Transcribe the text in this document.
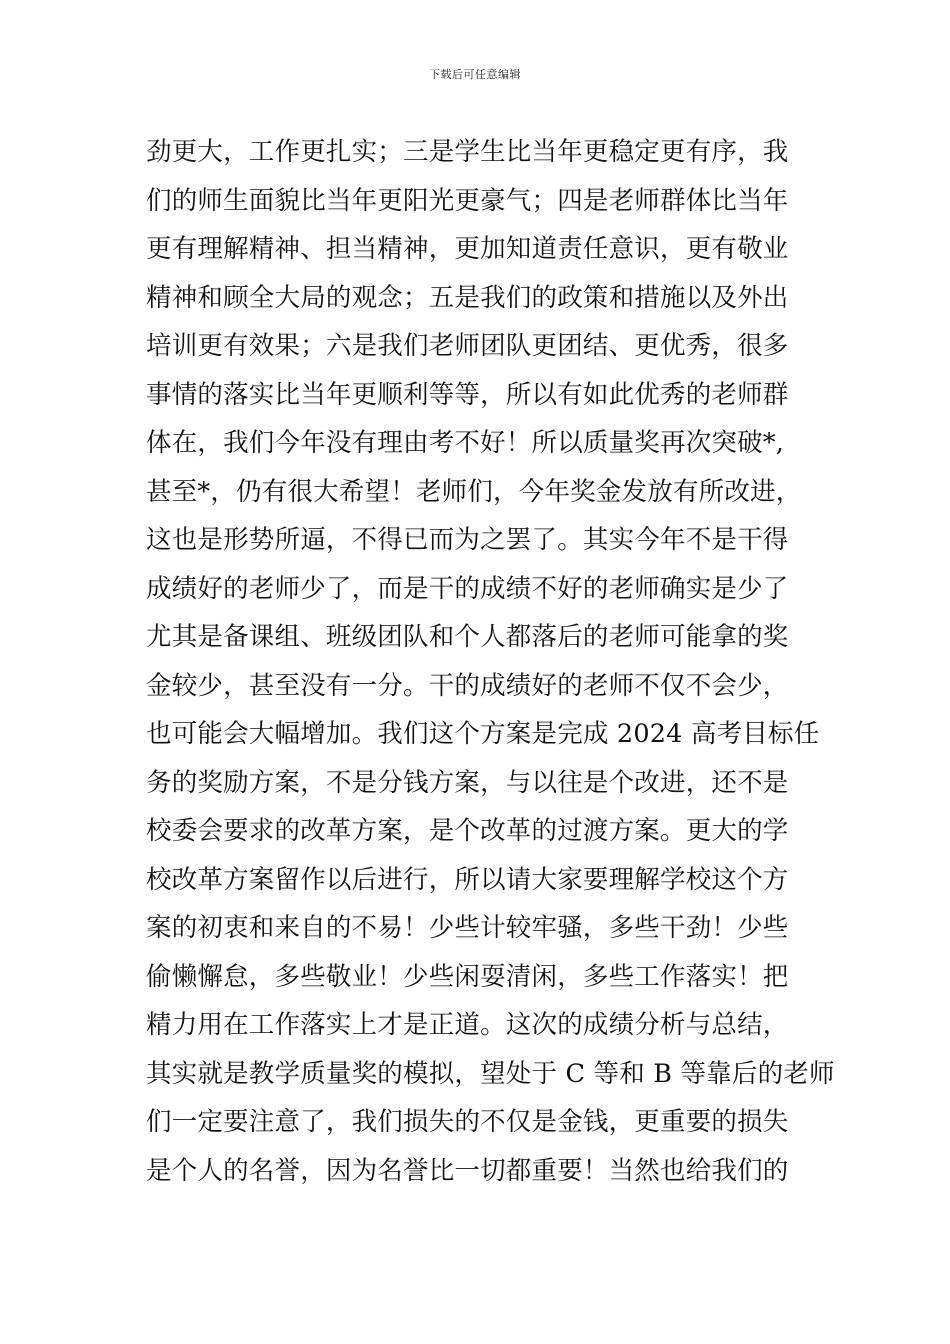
下载后可任意编辑
劲更大，工作更扎实；三是学生比当年更稳定更有序，我
们的师生面貌比当年更阳光更豪气；四是老师群体比当年
更有理解精神、担当精神，更加知道责任意识，更有敬业
精神和顾全大局的观念；五是我们的政策和措施以及外出
培训更有效果；六是我们老师团队更团结、更优秀，很多
事情的落实比当年更顺利等等，所以有如此优秀的老师群
体在，我们今年没有理由考不好！所以质量奖再次突破*,
甚至*，仍有很大希望！老师们，今年奖金发放有所改进，
这也是形势所逼，不得已而为之罢了。其实今年不是干得
成绩好的老师少了，而是干的成绩不好的老师确实是少了
尤其是备课组、班级团队和个人都落后的老师可能拿的奖
金较少，甚至没有一分。干的成绩好的老师不仅不会少，
也可能会大幅增加。我们这个方案是完成 2024 高考目标任
务的奖励方案，不是分钱方案，与以往是个改进，还不是
校委会要求的改革方案，是个改革的过渡方案。更大的学
校改革方案留作以后进行，所以请大家要理解学校这个方
案的初衷和来自的不易！少些计较牢骚，多些干劲！少些
偷懒懈怠，多些敬业！少些闲耍清闲，多些工作落实！把
精力用在工作落实上才是正道。这次的成绩分析与总结，
其实就是教学质量奖的模拟，望处于 C 等和 B 等靠后的老师
们一定要注意了，我们损失的不仅是金钱，更重要的损失
是个人的名誉，因为名誉比一切都重要！当然也给我们的
